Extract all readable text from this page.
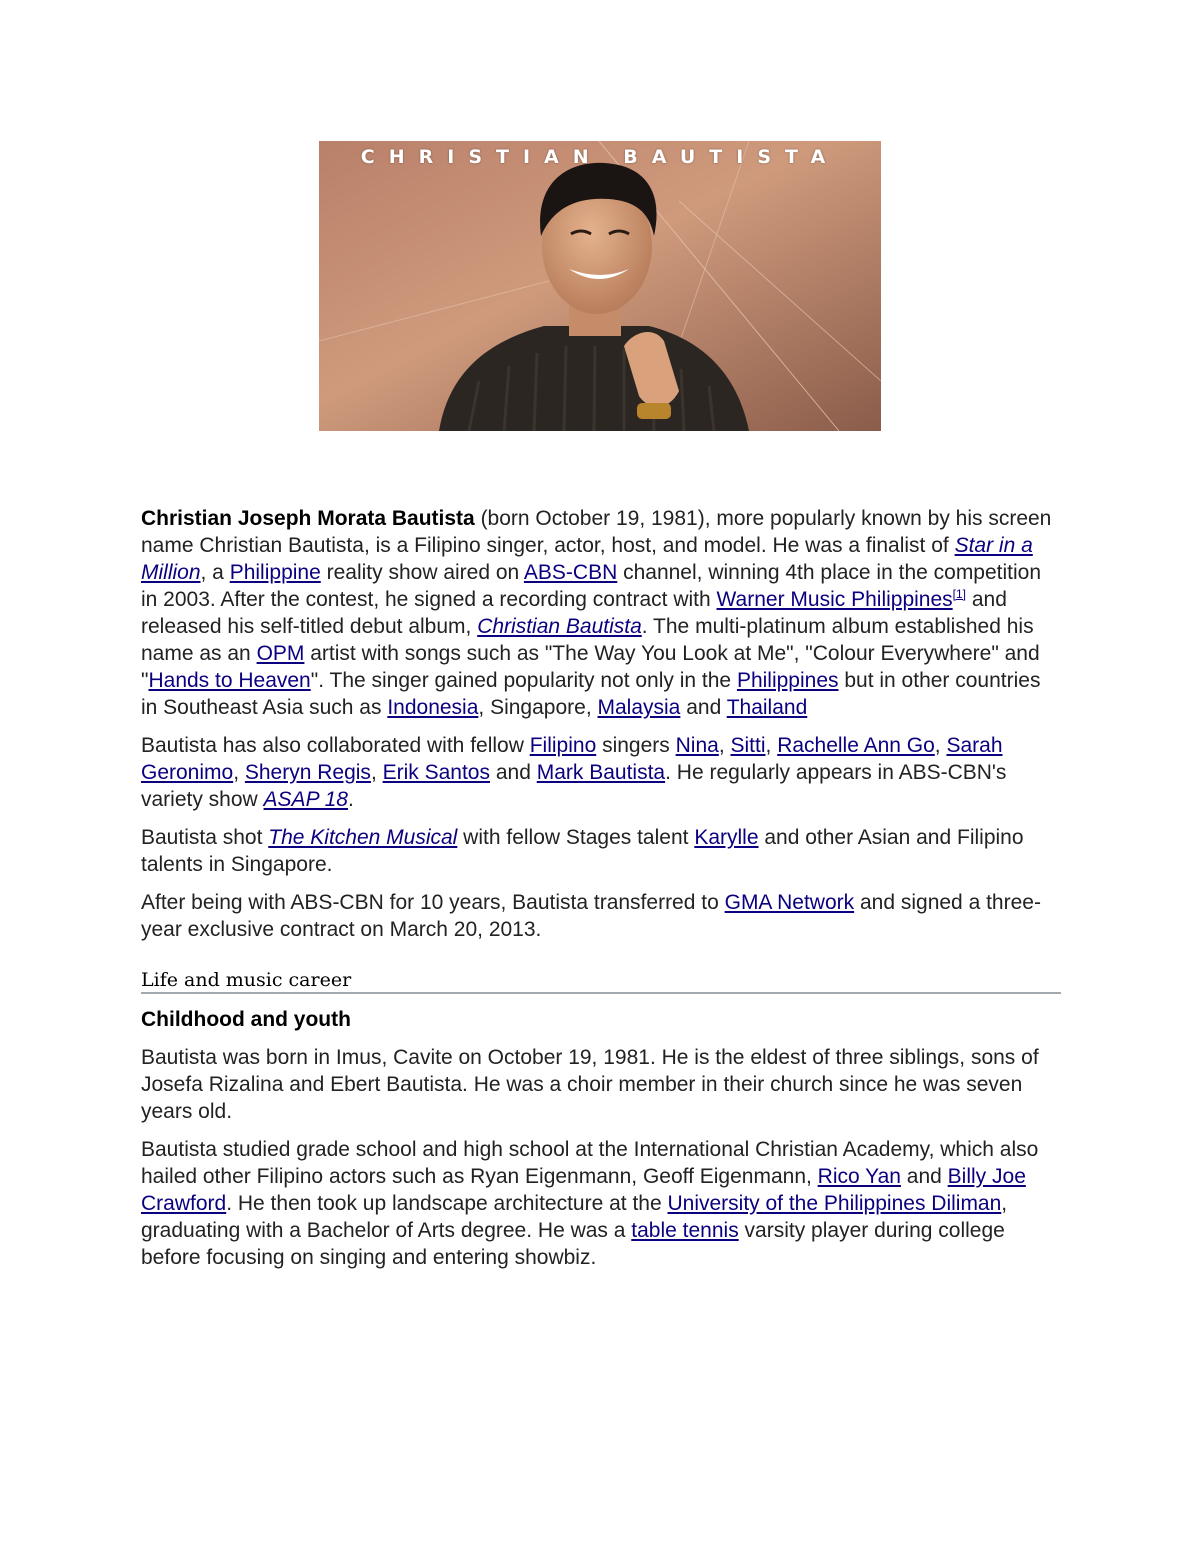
CHRISTIAN BAUTISTA

Christian Joseph Morata Bautista (born October 19, 1981), more popularly known by his screen name Christian Bautista, is a Filipino singer, actor, host, and model. He was a finalist of Star in a Million, a Philippine reality show aired on ABS-CBN channel, winning 4th place in the competition in 2003. After the contest, he signed a recording contract with Warner Music Philippines[1] and released his self-titled debut album, Christian Bautista. The multi-platinum album established his name as an OPM artist with songs such as "The Way You Look at Me", "Colour Everywhere" and "Hands to Heaven". The singer gained popularity not only in the Philippines but in other countries in Southeast Asia such as Indonesia, Singapore, Malaysia and Thailand

Bautista has also collaborated with fellow Filipino singers Nina, Sitti, Rachelle Ann Go, Sarah Geronimo, Sheryn Regis, Erik Santos and Mark Bautista. He regularly appears in ABS-CBN's variety show ASAP 18.

Bautista shot The Kitchen Musical with fellow Stages talent Karylle and other Asian and Filipino talents in Singapore.

After being with ABS-CBN for 10 years, Bautista transferred to GMA Network and signed a three-year exclusive contract on March 20, 2013.

Life and music career
Childhood and youth

Bautista was born in Imus, Cavite on October 19, 1981. He is the eldest of three siblings, sons of Josefa Rizalina and Ebert Bautista. He was a choir member in their church since he was seven years old.

Bautista studied grade school and high school at the International Christian Academy, which also hailed other Filipino actors such as Ryan Eigenmann, Geoff Eigenmann, Rico Yan and Billy Joe Crawford. He then took up landscape architecture at the University of the Philippines Diliman, graduating with a Bachelor of Arts degree. He was a table tennis varsity player during college before focusing on singing and entering showbiz.
